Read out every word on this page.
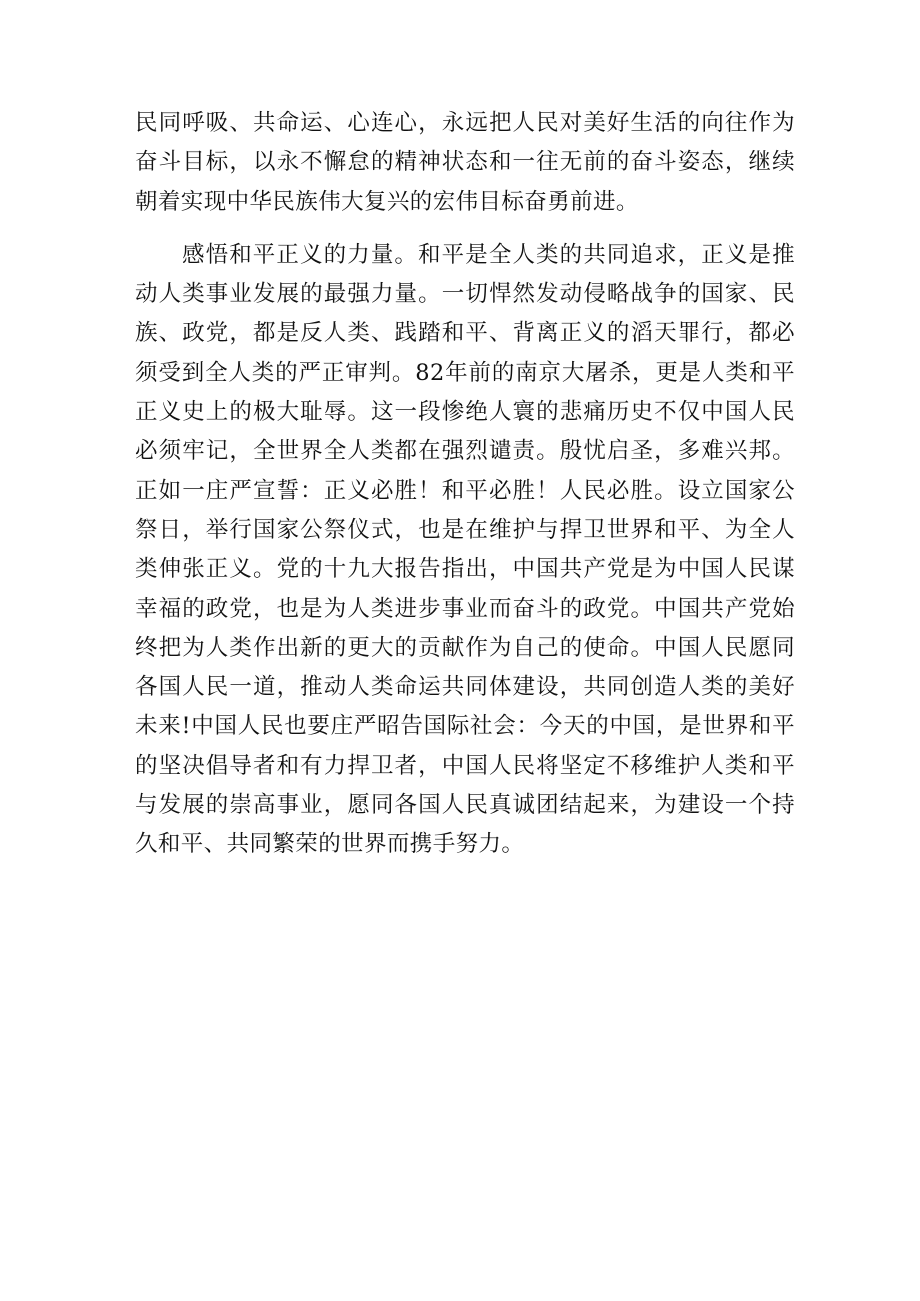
民同呼吸、共命运、心连心，永远把人民对美好生活的向往作为奋斗目标，以永不懈怠的精神状态和一往无前的奋斗姿态，继续朝着实现中华民族伟大复兴的宏伟目标奋勇前进。

感悟和平正义的力量。和平是全人类的共同追求，正义是推动人类事业发展的最强力量。一切悍然发动侵略战争的国家、民族、政党，都是反人类、践踏和平、背离正义的滔天罪行，都必须受到全人类的严正审判。82年前的南京大屠杀，更是人类和平正义史上的极大耻辱。这一段惨绝人寰的悲痛历史不仅中国人民必须牢记，全世界全人类都在强烈谴责。殷忧启圣，多难兴邦。正如一庄严宣誓：正义必胜！和平必胜！人民必胜。设立国家公祭日，举行国家公祭仪式，也是在维护与捍卫世界和平、为全人类伸张正义。党的十九大报告指出，中国共产党是为中国人民谋幸福的政党，也是为人类进步事业而奋斗的政党。中国共产党始终把为人类作出新的更大的贡献作为自己的使命。中国人民愿同各国人民一道，推动人类命运共同体建设，共同创造人类的美好未来!中国人民也要庄严昭告国际社会：今天的中国，是世界和平的坚决倡导者和有力捍卫者，中国人民将坚定不移维护人类和平与发展的崇高事业，愿同各国人民真诚团结起来，为建设一个持久和平、共同繁荣的世界而携手努力。
